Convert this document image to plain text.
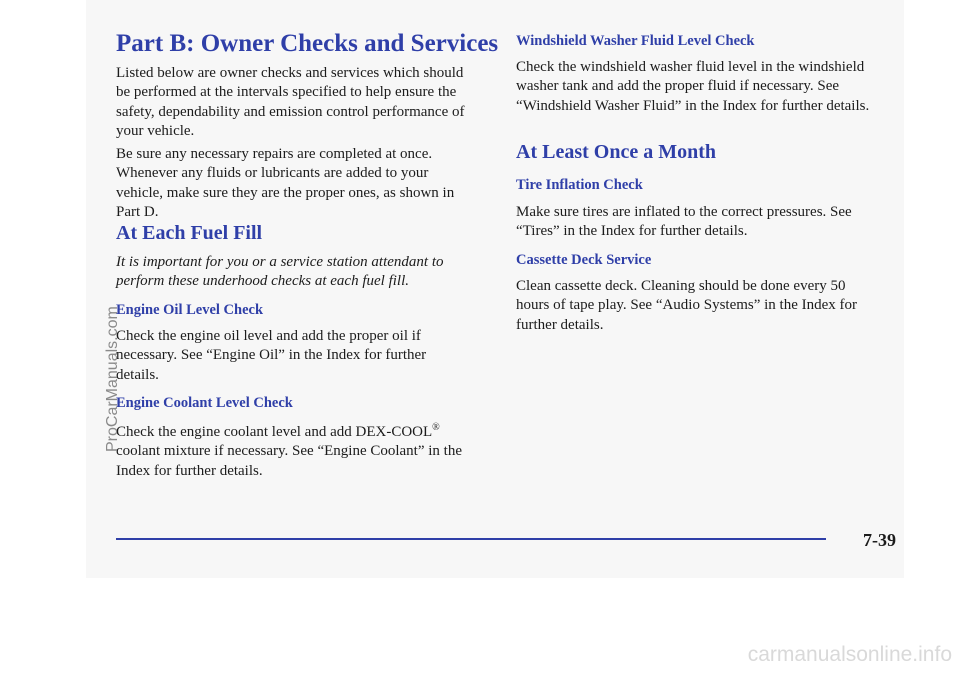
Part B: Owner Checks and Services

Listed below are owner checks and services which should be performed at the intervals specified to help ensure the safety, dependability and emission control performance of your vehicle.

Be sure any necessary repairs are completed at once. Whenever any fluids or lubricants are added to your vehicle, make sure they are the proper ones, as shown in Part D.

At Each Fuel Fill

It is important for you or a service station attendant to perform these underhood checks at each fuel fill.

Engine Oil Level Check

Check the engine oil level and add the proper oil if necessary. See “Engine Oil” in the Index for further details.

Engine Coolant Level Check

Check the engine coolant level and add DEX-COOL® coolant mixture if necessary. See “Engine Coolant” in the Index for further details.

Windshield Washer Fluid Level Check

Check the windshield washer fluid level in the windshield washer tank and add the proper fluid if necessary. See “Windshield Washer Fluid” in the Index for further details.

At Least Once a Month
Tire Inflation Check

Make sure tires are inflated to the correct pressures. See “Tires” in the Index for further details.

Cassette Deck Service

Clean cassette deck. Cleaning should be done every 50 hours of tape play. See “Audio Systems” in the Index for further details.

7-39
ProCarManuals.com
carmanualsonline.info
